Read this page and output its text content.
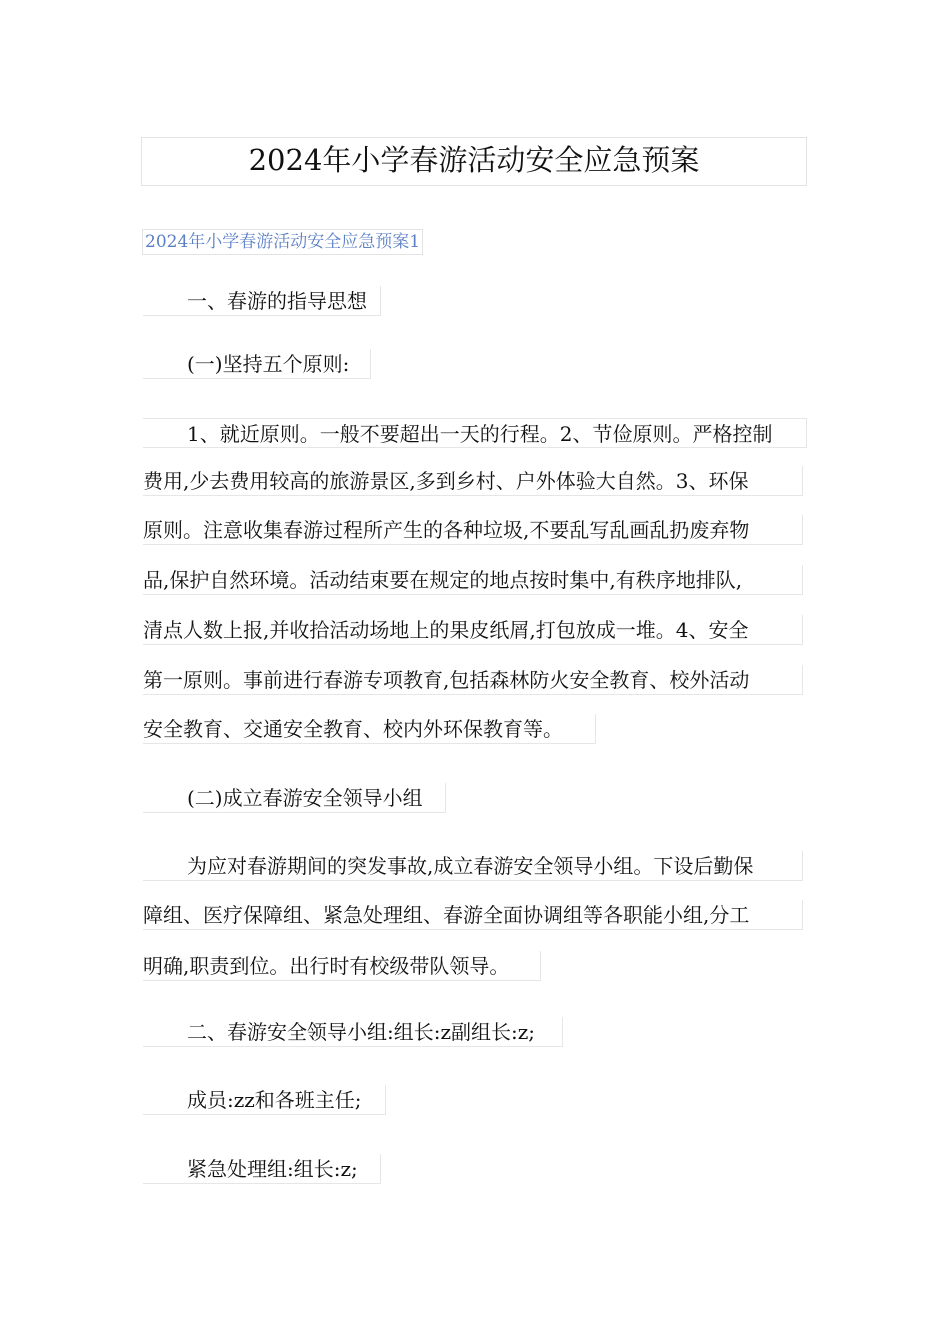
2024年小学春游活动安全应急预案
2024年小学春游活动安全应急预案1
一、春游的指导思想
(一)坚持五个原则:
1、就近原则。一般不要超出一天的行程。2、节俭原则。严格控制
费用,少去费用较高的旅游景区,多到乡村、户外体验大自然。3、环保
原则。注意收集春游过程所产生的各种垃圾,不要乱写乱画乱扔废弃物
品,保护自然环境。活动结束要在规定的地点按时集中,有秩序地排队,
清点人数上报,并收拾活动场地上的果皮纸屑,打包放成一堆。4、安全
第一原则。事前进行春游专项教育,包括森林防火安全教育、校外活动
安全教育、交通安全教育、校内外环保教育等。
(二)成立春游安全领导小组
为应对春游期间的突发事故,成立春游安全领导小组。下设后勤保
障组、医疗保障组、紧急处理组、春游全面协调组等各职能小组,分工
明确,职责到位。出行时有校级带队领导。
二、春游安全领导小组:组长:z副组长:z;
成员:zz和各班主任;
紧急处理组:组长:z;
